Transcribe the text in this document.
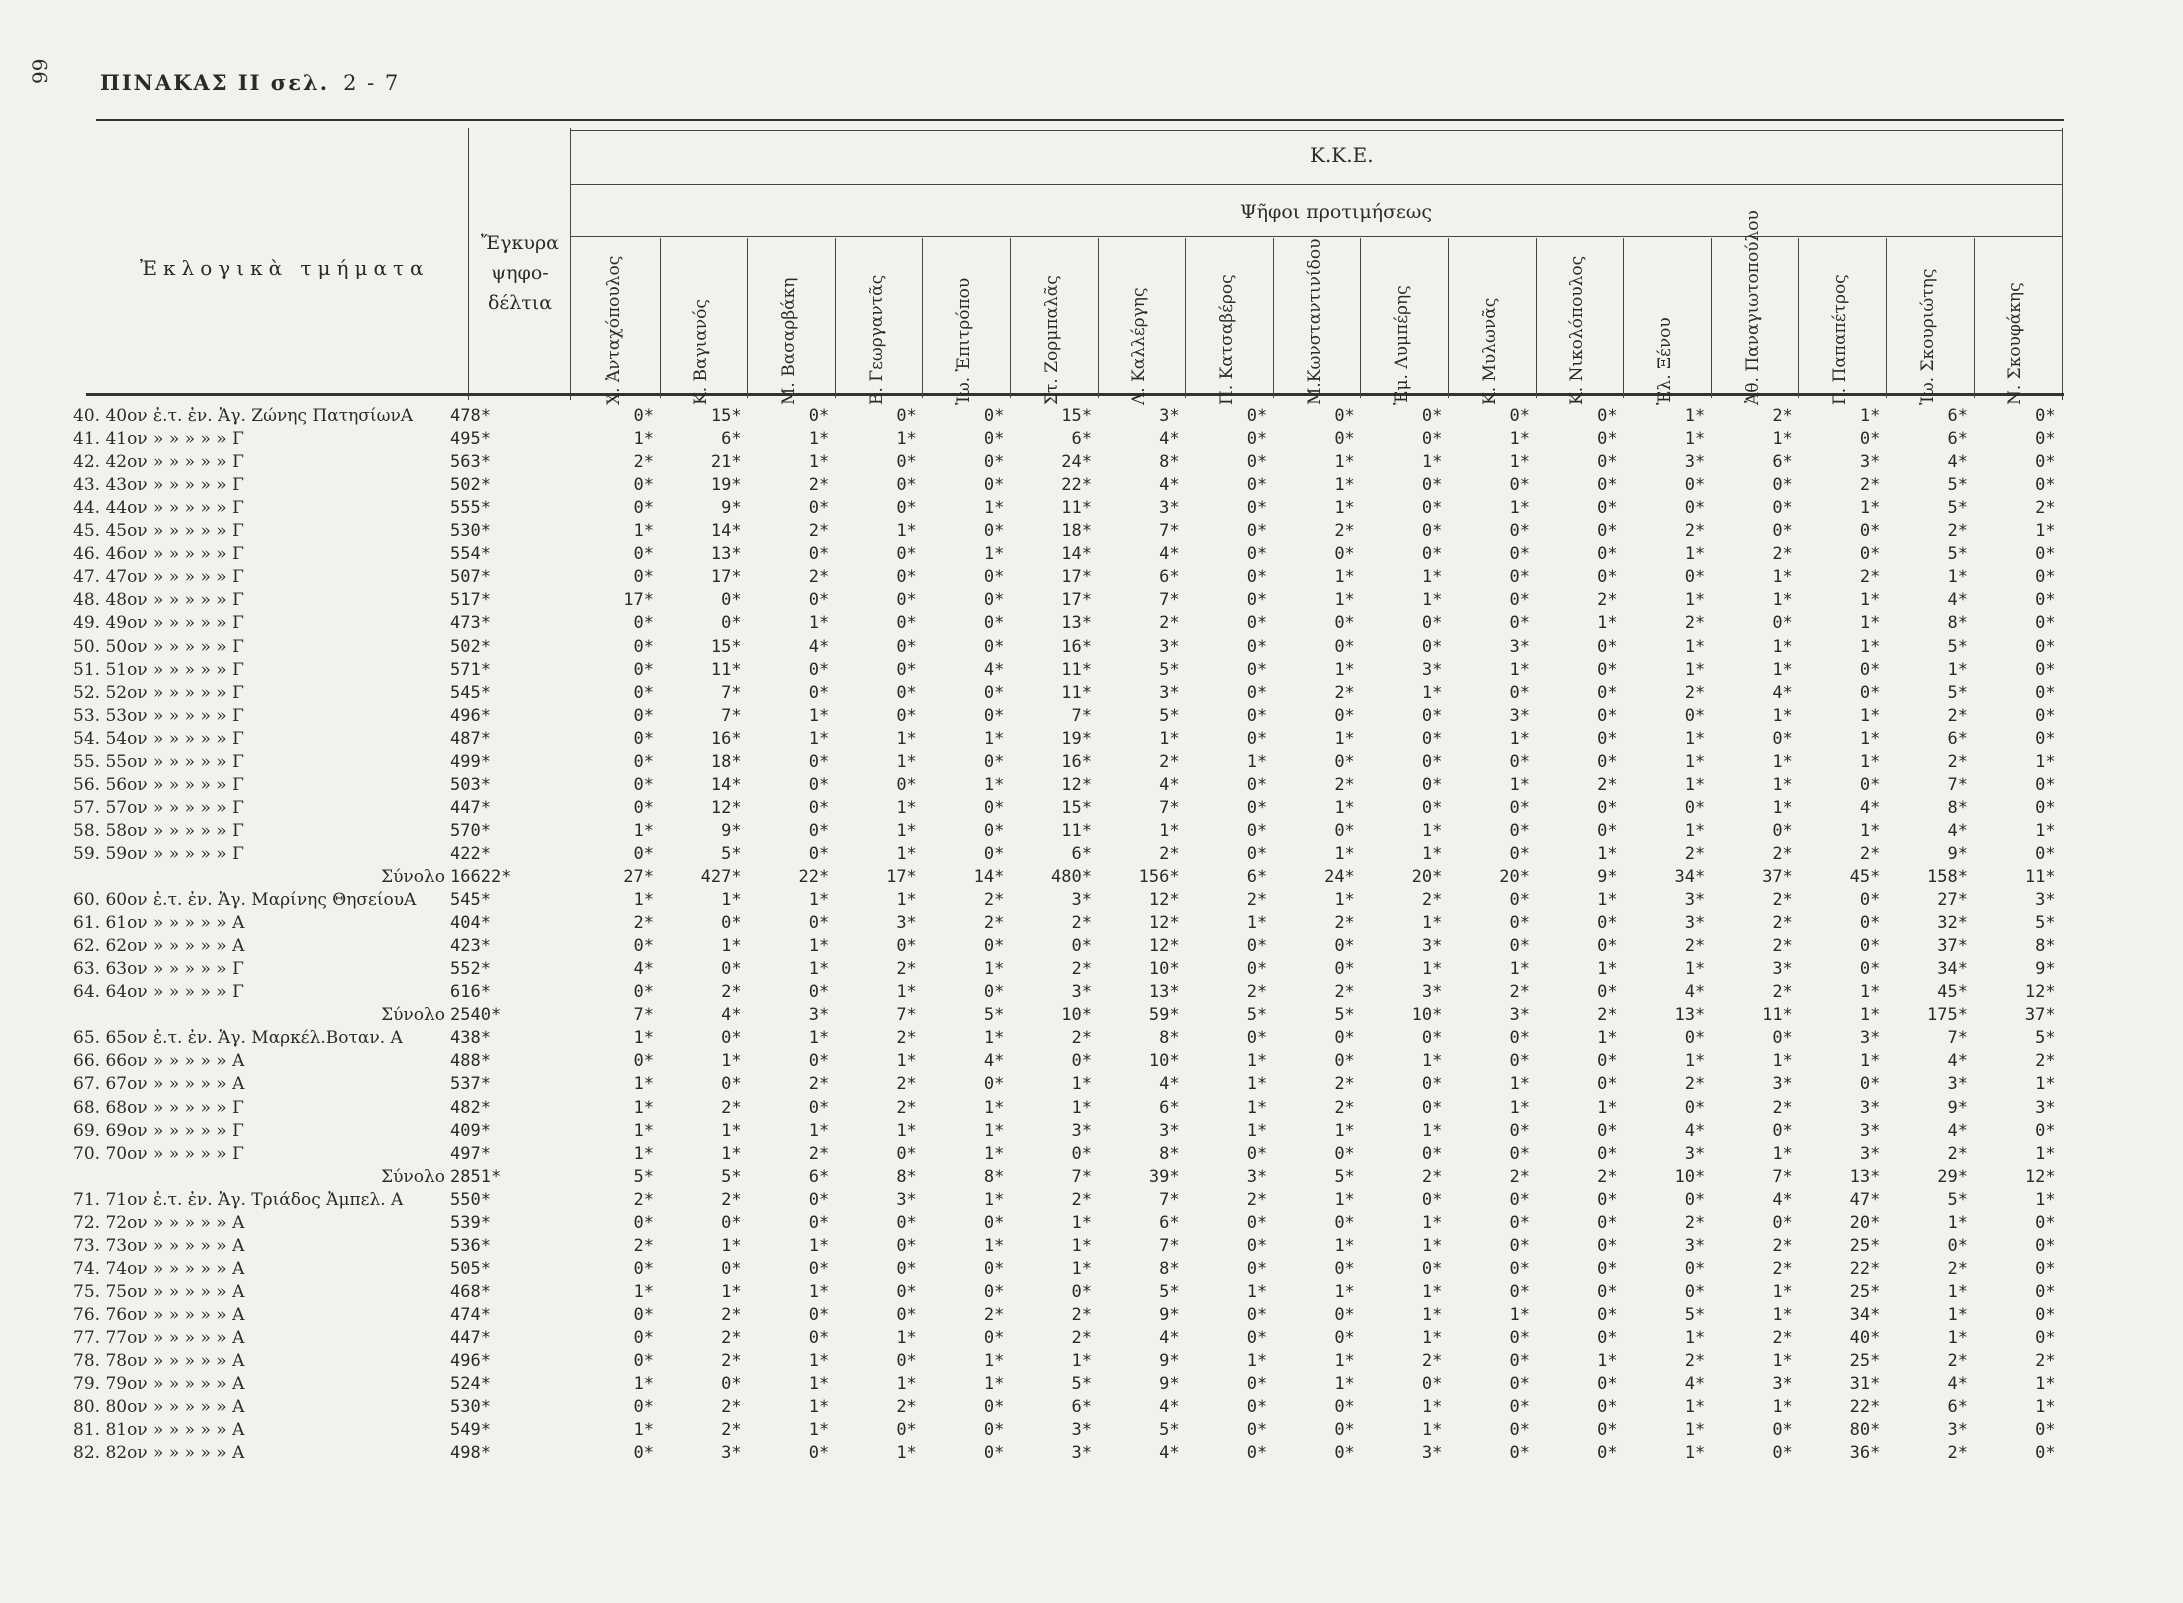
99 ΠΙΝΑΚΑΣ ΙΙ σελ. 2 - 7
Ἐκλογικὰ τμήματα
Ἔγκυρα ψηφο- δέλτια
Κ.Κ.Ε.
Ψῆφοι προτιμήσεως
Χ. Ἀνταχόπουλος	Κ. Βαγιανός	Μ. Βασαρβάκη	Β. Γεωργαντᾶς	Ἰω. Ἐπιτρόπου	Στ. Ζορμπαλᾶς	Λ. Καλλέργης	Π. Κατσαβέρος	Μ.Κωνσταντινίδου	Ἐμ. Λυμπέρης	Κ. Μυλωνᾶς	Κ. Νικολόπουλος	Ἐλ. Ξένου	Ἀθ. Παναγιωτοπούλου	Γ. Παπαπέτρος	Ἰω. Σκουριώτης	Ν. Σκουφάκης
40. 40ον ἐ.τ. ἐν. Ἁγ. Ζώνης ΠατησίωνΑ	478*	0*	15*	0*	0*	0*	15*	3*	0*	0*	0*	0*	0*	1*	2*	1*	6*	0*
41. 41ον » » » » » Γ	495*	1*	6*	1*	1*	0*	6*	4*	0*	0*	0*	1*	0*	1*	1*	0*	6*	0*
42. 42ον » » » » » Γ	563*	2*	21*	1*	0*	0*	24*	8*	0*	1*	1*	1*	0*	3*	6*	3*	4*	0*
43. 43ον » » » » » Γ	502*	0*	19*	2*	0*	0*	22*	4*	0*	1*	0*	0*	0*	0*	0*	2*	5*	0*
44. 44ον » » » » » Γ	555*	0*	9*	0*	0*	1*	11*	3*	0*	1*	0*	1*	0*	0*	0*	1*	5*	2*
45. 45ον » » » » » Γ	530*	1*	14*	2*	1*	0*	18*	7*	0*	2*	0*	0*	0*	2*	0*	0*	2*	1*
46. 46ον » » » » » Γ	554*	0*	13*	0*	0*	1*	14*	4*	0*	0*	0*	0*	0*	1*	2*	0*	5*	0*
47. 47ον » » » » » Γ	507*	0*	17*	2*	0*	0*	17*	6*	0*	1*	1*	0*	0*	0*	1*	2*	1*	0*
48. 48ον » » » » » Γ	517*	17*	0*	0*	0*	0*	17*	7*	0*	1*	1*	0*	2*	1*	1*	1*	4*	0*
49. 49ον » » » » » Γ	473*	0*	0*	1*	0*	0*	13*	2*	0*	0*	0*	0*	1*	2*	0*	1*	8*	0*
50. 50ον » » » » » Γ	502*	0*	15*	4*	0*	0*	16*	3*	0*	0*	0*	3*	0*	1*	1*	1*	5*	0*
51. 51ον » » » » » Γ	571*	0*	11*	0*	0*	4*	11*	5*	0*	1*	3*	1*	0*	1*	1*	0*	1*	0*
52. 52ον » » » » » Γ	545*	0*	7*	0*	0*	0*	11*	3*	0*	2*	1*	0*	0*	2*	4*	0*	5*	0*
53. 53ον » » » » » Γ	496*	0*	7*	1*	0*	0*	7*	5*	0*	0*	0*	3*	0*	0*	1*	1*	2*	0*
54. 54ον » » » » » Γ	487*	0*	16*	1*	1*	1*	19*	1*	0*	1*	0*	1*	0*	1*	0*	1*	6*	0*
55. 55ον » » » » » Γ	499*	0*	18*	0*	1*	0*	16*	2*	1*	0*	0*	0*	0*	1*	1*	1*	2*	1*
56. 56ον » » » » » Γ	503*	0*	14*	0*	0*	1*	12*	4*	0*	2*	0*	1*	2*	1*	1*	0*	7*	0*
57. 57ον » » » » » Γ	447*	0*	12*	0*	1*	0*	15*	7*	0*	1*	0*	0*	0*	0*	1*	4*	8*	0*
58. 58ον » » » » » Γ	570*	1*	9*	0*	1*	0*	11*	1*	0*	0*	1*	0*	0*	1*	0*	1*	4*	1*
59. 59ον » » » » » Γ	422*	0*	5*	0*	1*	0*	6*	2*	0*	1*	1*	0*	1*	2*	2*	2*	9*	0*
Σύνολο 16622*	27*	427*	22*	17*	14*	480*	156*	6*	24*	20*	20*	9*	34*	37*	45*	158*	11*
60. 60ον ἐ.τ. ἐν. Ἁγ. Μαρίνης ΘησείουΑ	545*	1*	1*	1*	1*	2*	3*	12*	2*	1*	2*	0*	1*	3*	2*	0*	27*	3*
61. 61ον » » » » » Α	404*	2*	0*	0*	3*	2*	2*	12*	1*	2*	1*	0*	0*	3*	2*	0*	32*	5*
62. 62ον » » » » » Α	423*	0*	1*	1*	0*	0*	0*	12*	0*	0*	3*	0*	0*	2*	2*	0*	37*	8*
63. 63ον » » » » » Γ	552*	4*	0*	1*	2*	1*	2*	10*	0*	0*	1*	1*	1*	1*	3*	0*	34*	9*
64. 64ον » » » » » Γ	616*	0*	2*	0*	1*	0*	3*	13*	2*	2*	3*	2*	0*	4*	2*	1*	45*	12*
Σύνολο 2540*	7*	4*	3*	7*	5*	10*	59*	5*	5*	10*	3*	2*	13*	11*	1*	175*	37*
65. 65ον ἐ.τ. ἐν. Ἁγ. Μαρκέλ.Βοταν. Α	438*	1*	0*	1*	2*	1*	2*	8*	0*	0*	0*	0*	1*	0*	0*	3*	7*	5*
66. 66ον » » » » » Α	488*	0*	1*	0*	1*	4*	0*	10*	1*	0*	1*	0*	0*	1*	1*	1*	4*	2*
67. 67ον » » » » » Α	537*	1*	0*	2*	2*	0*	1*	4*	1*	2*	0*	1*	0*	2*	3*	0*	3*	1*
68. 68ον » » » » » Γ	482*	1*	2*	0*	2*	1*	1*	6*	1*	2*	0*	1*	1*	0*	2*	3*	9*	3*
69. 69ον » » » » » Γ	409*	1*	1*	1*	1*	1*	3*	3*	1*	1*	1*	0*	0*	4*	0*	3*	4*	0*
70. 70ον » » » » » Γ	497*	1*	1*	2*	0*	1*	0*	8*	0*	0*	0*	0*	0*	3*	1*	3*	2*	1*
Σύνολο 2851*	5*	5*	6*	8*	8*	7*	39*	3*	5*	2*	2*	2*	10*	7*	13*	29*	12*
71. 71ον ἐ.τ. ἐν. Ἁγ. Τριάδος Ἀμπελ. Α	550*	2*	2*	0*	3*	1*	2*	7*	2*	1*	0*	0*	0*	0*	4*	47*	5*	1*
72. 72ον » » » » » Α	539*	0*	0*	0*	0*	0*	1*	6*	0*	0*	1*	0*	0*	2*	0*	20*	1*	0*
73. 73ον » » » » » Α	536*	2*	1*	1*	0*	1*	1*	7*	0*	1*	1*	0*	0*	3*	2*	25*	0*	0*
74. 74ον » » » » » Α	505*	0*	0*	0*	0*	0*	1*	8*	0*	0*	0*	0*	0*	0*	2*	22*	2*	0*
75. 75ον » » » » » Α	468*	1*	1*	1*	0*	0*	0*	5*	1*	1*	1*	0*	0*	0*	1*	25*	1*	0*
76. 76ον » » » » » Α	474*	0*	2*	0*	0*	2*	2*	9*	0*	0*	1*	1*	0*	5*	1*	34*	1*	0*
77. 77ον » » » » » Α	447*	0*	2*	0*	1*	0*	2*	4*	0*	0*	1*	0*	0*	1*	2*	40*	1*	0*
78. 78ον » » » » » Α	496*	0*	2*	1*	0*	1*	1*	9*	1*	1*	2*	0*	1*	2*	1*	25*	2*	2*
79. 79ον » » » » » Α	524*	1*	0*	1*	1*	1*	5*	9*	0*	1*	0*	0*	0*	4*	3*	31*	4*	1*
80. 80ον » » » » » Α	530*	0*	2*	1*	2*	0*	6*	4*	0*	0*	1*	0*	0*	1*	1*	22*	6*	1*
81. 81ον » » » » » Α	549*	1*	2*	1*	0*	0*	3*	5*	0*	0*	1*	0*	0*	1*	0*	80*	3*	0*
82. 82ον » » » » » Α	498*	0*	3*	0*	1*	0*	3*	4*	0*	0*	3*	0*	0*	1*	0*	36*	2*	0*
